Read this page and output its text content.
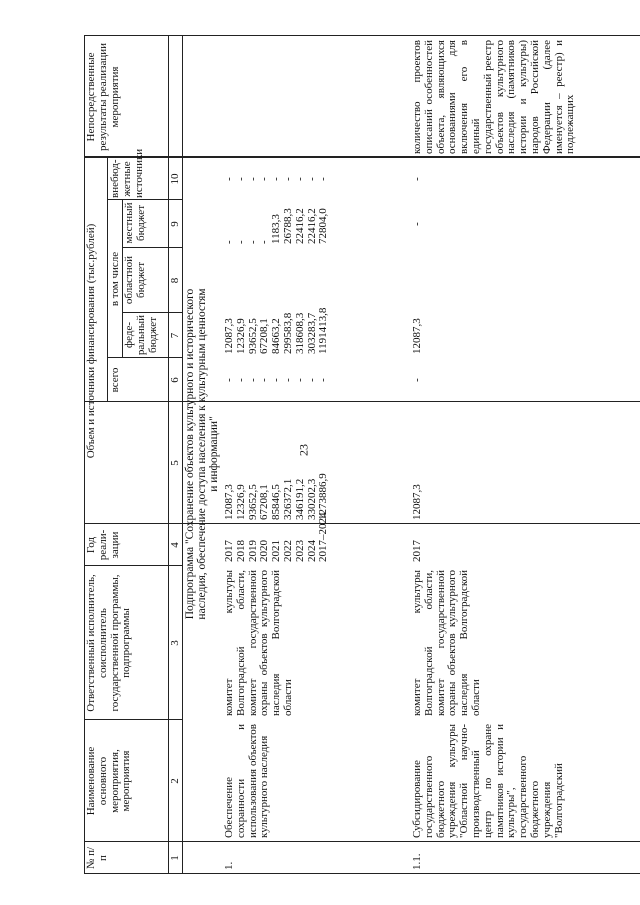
23
№ п/п
Наименование основного мероприятия, мероприятия
Ответственный исполнитель, соисполнитель государственной программы, подпрограммы
Год реали-зации
Объем и источники финансирования (тыс.рублей) всего
в том числе
феде-ральный бюджет
областной бюджет
местный бюджет
внебюд-жетные источники
Непосредственные результаты реализации мероприятия
1
2
3
4
5
6
7
8
9
10
Подпрограмма "Сохранение объектов культурного и исторического наследия, обеспечение доступа населения к культурным ценностям и информации"
1.
Обеспечение сохранности и использования объектов культурного наследия
комитет культуры Волгоградской области, комитет государственной охраны объектов культурного наследия Волгоградской области
2017 2018 2019 2020 2021 2022 2023 2024 2017–2024
12087,3 12326,9 93652,5 67208,1 85846,5 326372,1 346191,2 330202,3 1273886,9
- - - - - - - - -
12087,3 12326,9 93652,5 67208,1 84663,2 299583,8 318608,3 303283,7 1191413,8
- - - - 1183,3 26788,3 22416,2 22416,2 72804,0
- - - - - - - - -
1.1.
Субсидирование государственного бюджетного учреждения культуры "Областной научно-производственный центр по охране памятников истории и культуры", государственного бюджетного учреждения "Волгоградский
комитет культуры Волгоградской области, комитет государственной охраны объектов культурного наследия Волгоградской области
2017
12087,3
-
12087,3
-
-
количество проектов описаний особенностей объекта, являющихся основаниями для включения его в единый государственный реестр объектов культурного наследия (памятников истории и культуры) народов Российской Федерации (далее именуется – реестр) и подлежащих
